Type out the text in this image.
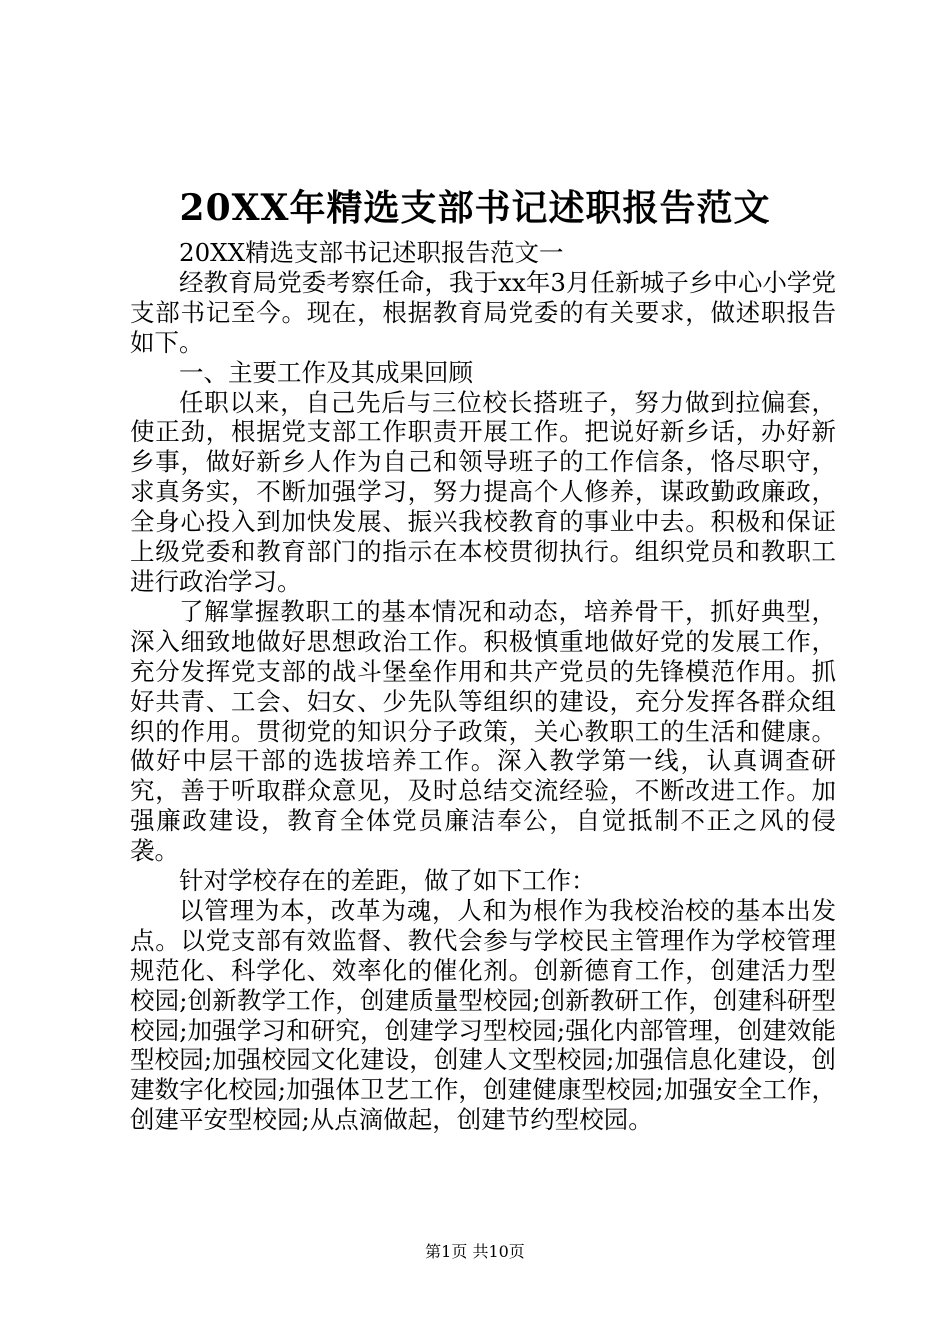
20XX年精选支部书记述职报告范文

20XX精选支部书记述职报告范文一

经教育局党委考察任命，我于xx年3月任新城子乡中心小学党支部书记至今。现在，根据教育局党委的有关要求，做述职报告如下。

一、主要工作及其成果回顾

任职以来，自己先后与三位校长搭班子，努力做到拉偏套，使正劲，根据党支部工作职责开展工作。把说好新乡话，办好新乡事，做好新乡人作为自己和领导班子的工作信条，恪尽职守，求真务实，不断加强学习，努力提高个人修养，谋政勤政廉政，全身心投入到加快发展、振兴我校教育的事业中去。积极和保证上级党委和教育部门的指示在本校贯彻执行。组织党员和教职工进行政治学习。

了解掌握教职工的基本情况和动态，培养骨干，抓好典型，深入细致地做好思想政治工作。积极慎重地做好党的发展工作，充分发挥党支部的战斗堡垒作用和共产党员的先锋模范作用。抓好共青、工会、妇女、少先队等组织的建设，充分发挥各群众组织的作用。贯彻党的知识分子政策，关心教职工的生活和健康。做好中层干部的选拔培养工作。深入教学第一线，认真调查研究，善于听取群众意见，及时总结交流经验，不断改进工作。加强廉政建设，教育全体党员廉洁奉公，自觉抵制不正之风的侵袭。

针对学校存在的差距，做了如下工作：

以管理为本，改革为魂，人和为根作为我校治校的基本出发点。以党支部有效监督、教代会参与学校民主管理作为学校管理规范化、科学化、效率化的催化剂。创新德育工作，创建活力型校园;创新教学工作，创建质量型校园;创新教研工作，创建科研型校园;加强学习和研究，创建学习型校园;强化内部管理，创建效能型校园;加强校园文化建设，创建人文型校园;加强信息化建设，创建数字化校园;加强体卫艺工作，创建健康型校园;加强安全工作，创建平安型校园;从点滴做起，创建节约型校园。

第1页 共10页
